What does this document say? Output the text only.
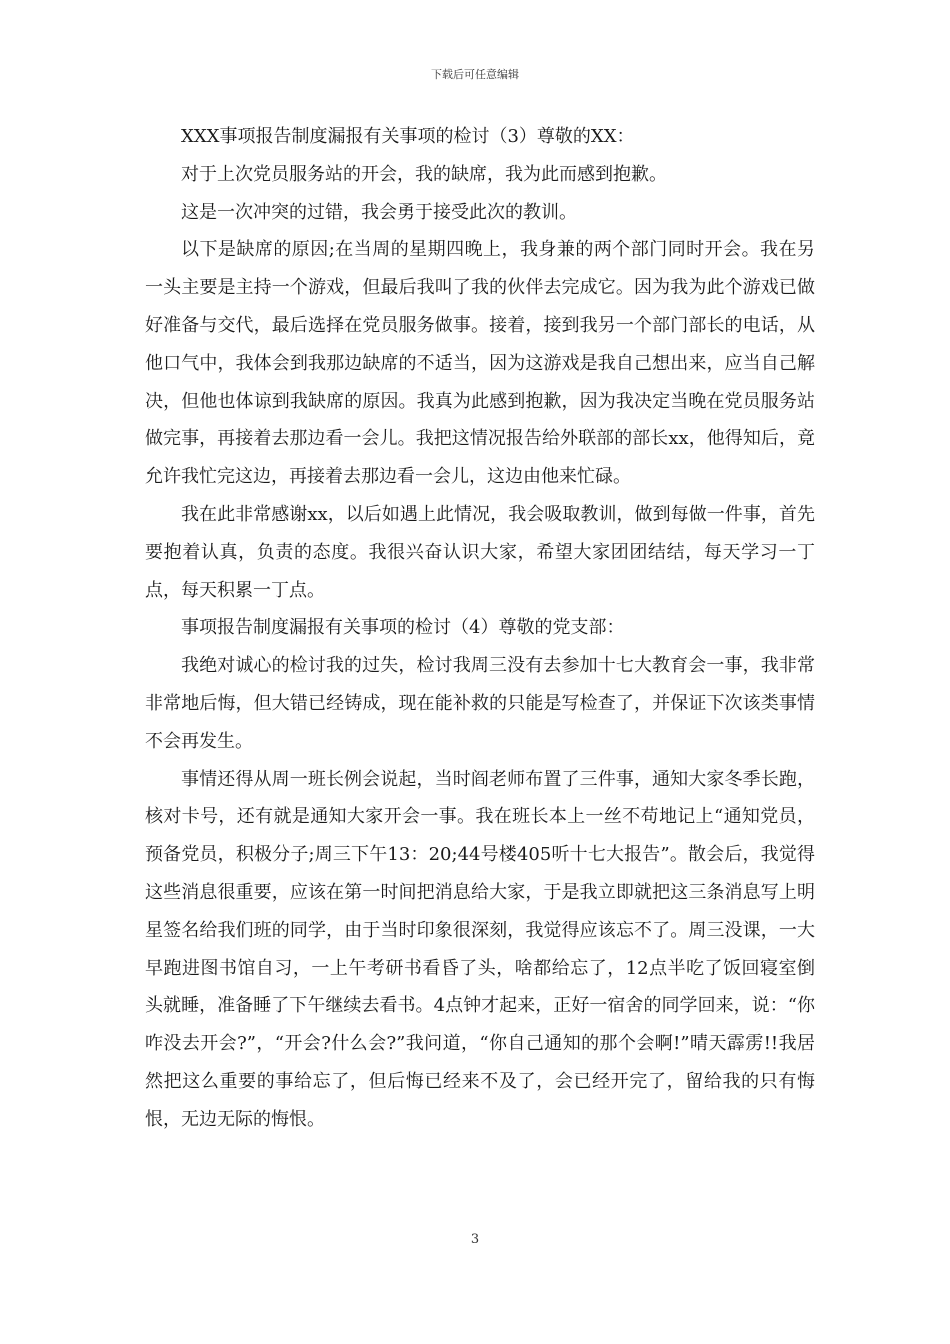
下载后可任意编辑

XXX事项报告制度漏报有关事项的检讨（3）尊敬的XX：

对于上次党员服务站的开会，我的缺席，我为此而感到抱歉。

这是一次冲突的过错，我会勇于接受此次的教训。

以下是缺席的原因;在当周的星期四晚上，我身兼的两个部门同时开会。我在另一头主要是主持一个游戏，但最后我叫了我的伙伴去完成它。因为我为此个游戏已做好准备与交代，最后选择在党员服务做事。接着，接到我另一个部门部长的电话，从他口气中，我体会到我那边缺席的不适当，因为这游戏是我自己想出来，应当自己解决，但他也体谅到我缺席的原因。我真为此感到抱歉，因为我决定当晚在党员服务站做完事，再接着去那边看一会儿。我把这情况报告给外联部的部长xx，他得知后，竟允许我忙完这边，再接着去那边看一会儿，这边由他来忙碌。

我在此非常感谢xx，以后如遇上此情况，我会吸取教训，做到每做一件事，首先要抱着认真，负责的态度。我很兴奋认识大家，希望大家团团结结，每天学习一丁点，每天积累一丁点。

事项报告制度漏报有关事项的检讨（4）尊敬的党支部：

我绝对诚心的检讨我的过失，检讨我周三没有去参加十七大教育会一事，我非常非常地后悔，但大错已经铸成，现在能补救的只能是写检查了，并保证下次该类事情不会再发生。

事情还得从周一班长例会说起，当时阎老师布置了三件事，通知大家冬季长跑，核对卡号，还有就是通知大家开会一事。我在班长本上一丝不苟地记上“通知党员，预备党员，积极分子;周三下午13：20;44号楼405听十七大报告”。散会后，我觉得这些消息很重要，应该在第一时间把消息给大家，于是我立即就把这三条消息写上明星签名给我们班的同学，由于当时印象很深刻，我觉得应该忘不了。周三没课，一大早跑进图书馆自习，一上午考研书看昏了头，啥都给忘了，12点半吃了饭回寝室倒头就睡，准备睡了下午继续去看书。4点钟才起来，正好一宿舍的同学回来，说：“你咋没去开会?”，“开会?什么会?”我问道，“你自己通知的那个会啊!”晴天霹雳!!我居然把这么重要的事给忘了，但后悔已经来不及了，会已经开完了，留给我的只有悔恨，无边无际的悔恨。

3
